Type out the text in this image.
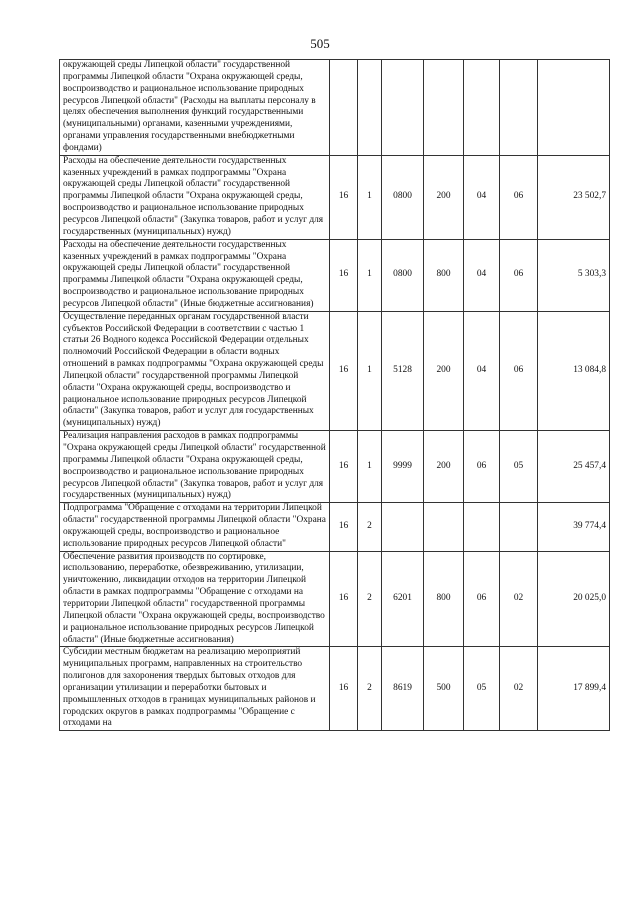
505
окружающей среды Липецкой области" государственной программы Липецкой области "Охрана окружающей среды, воспроизводство и рациональное использование природных ресурсов Липецкой области" (Расходы на выплаты персоналу в целях обеспечения выполнения функций государственными (муниципальными) органами, казенными учреждениями, органами управления государственными внебюджетными фондами)							
Расходы на обеспечение деятельности государственных казенных учреждений в рамках подпрограммы "Охрана окружающей среды Липецкой области" государственной программы Липецкой области "Охрана окружающей среды, воспроизводство и рациональное использование природных ресурсов Липецкой области" (Закупка товаров, работ и услуг для государственных (муниципальных) нужд)	16	1	0800	200	04	06	23 502,7
Расходы на обеспечение деятельности государственных казенных учреждений в рамках подпрограммы "Охрана окружающей среды Липецкой области" государственной программы Липецкой области "Охрана окружающей среды, воспроизводство и рациональное использование природных ресурсов Липецкой области" (Иные бюджетные ассигнования)	16	1	0800	800	04	06	5 303,3
Осуществление переданных органам государственной власти субъектов Российской Федерации в соответствии с частью 1 статьи 26 Водного кодекса Российской Федерации отдельных полномочий Российской Федерации в области водных отношений в рамках подпрограммы "Охрана окружающей среды Липецкой области" государственной программы Липецкой области "Охрана окружающей среды, воспроизводство и рациональное использование природных ресурсов Липецкой области" (Закупка товаров, работ и услуг для государственных (муниципальных) нужд)	16	1	5128	200	04	06	13 084,8
Реализация направления расходов в рамках подпрограммы "Охрана окружающей среды Липецкой области" государственной программы Липецкой области "Охрана окружающей среды, воспроизводство и рациональное использование природных ресурсов Липецкой области" (Закупка товаров, работ и услуг для государственных (муниципальных) нужд)	16	1	9999	200	06	05	25 457,4
Подпрограмма "Обращение с отходами на территории Липецкой области" государственной программы Липецкой области "Охрана окружающей среды, воспроизводство и рациональное использование природных ресурсов Липецкой области"	16	2					39 774,4
Обеспечение развития производств по сортировке, использованию, переработке, обезвреживанию, утилизации, уничтожению, ликвидации отходов на территории Липецкой области в рамках подпрограммы "Обращение с отходами на территории Липецкой области" государственной программы Липецкой области "Охрана окружающей среды, воспроизводство и рациональное использование природных ресурсов Липецкой области" (Иные бюджетные ассигнования)	16	2	6201	800	06	02	20 025,0
Субсидии местным бюджетам на реализацию мероприятий муниципальных программ, направленных на строительство полигонов для захоронения твердых бытовых отходов для организации утилизации и переработки бытовых и промышленных отходов в границах муниципальных районов и городских округов в рамках подпрограммы "Обращение с отходами на	16	2	8619	500	05	02	17 899,4
